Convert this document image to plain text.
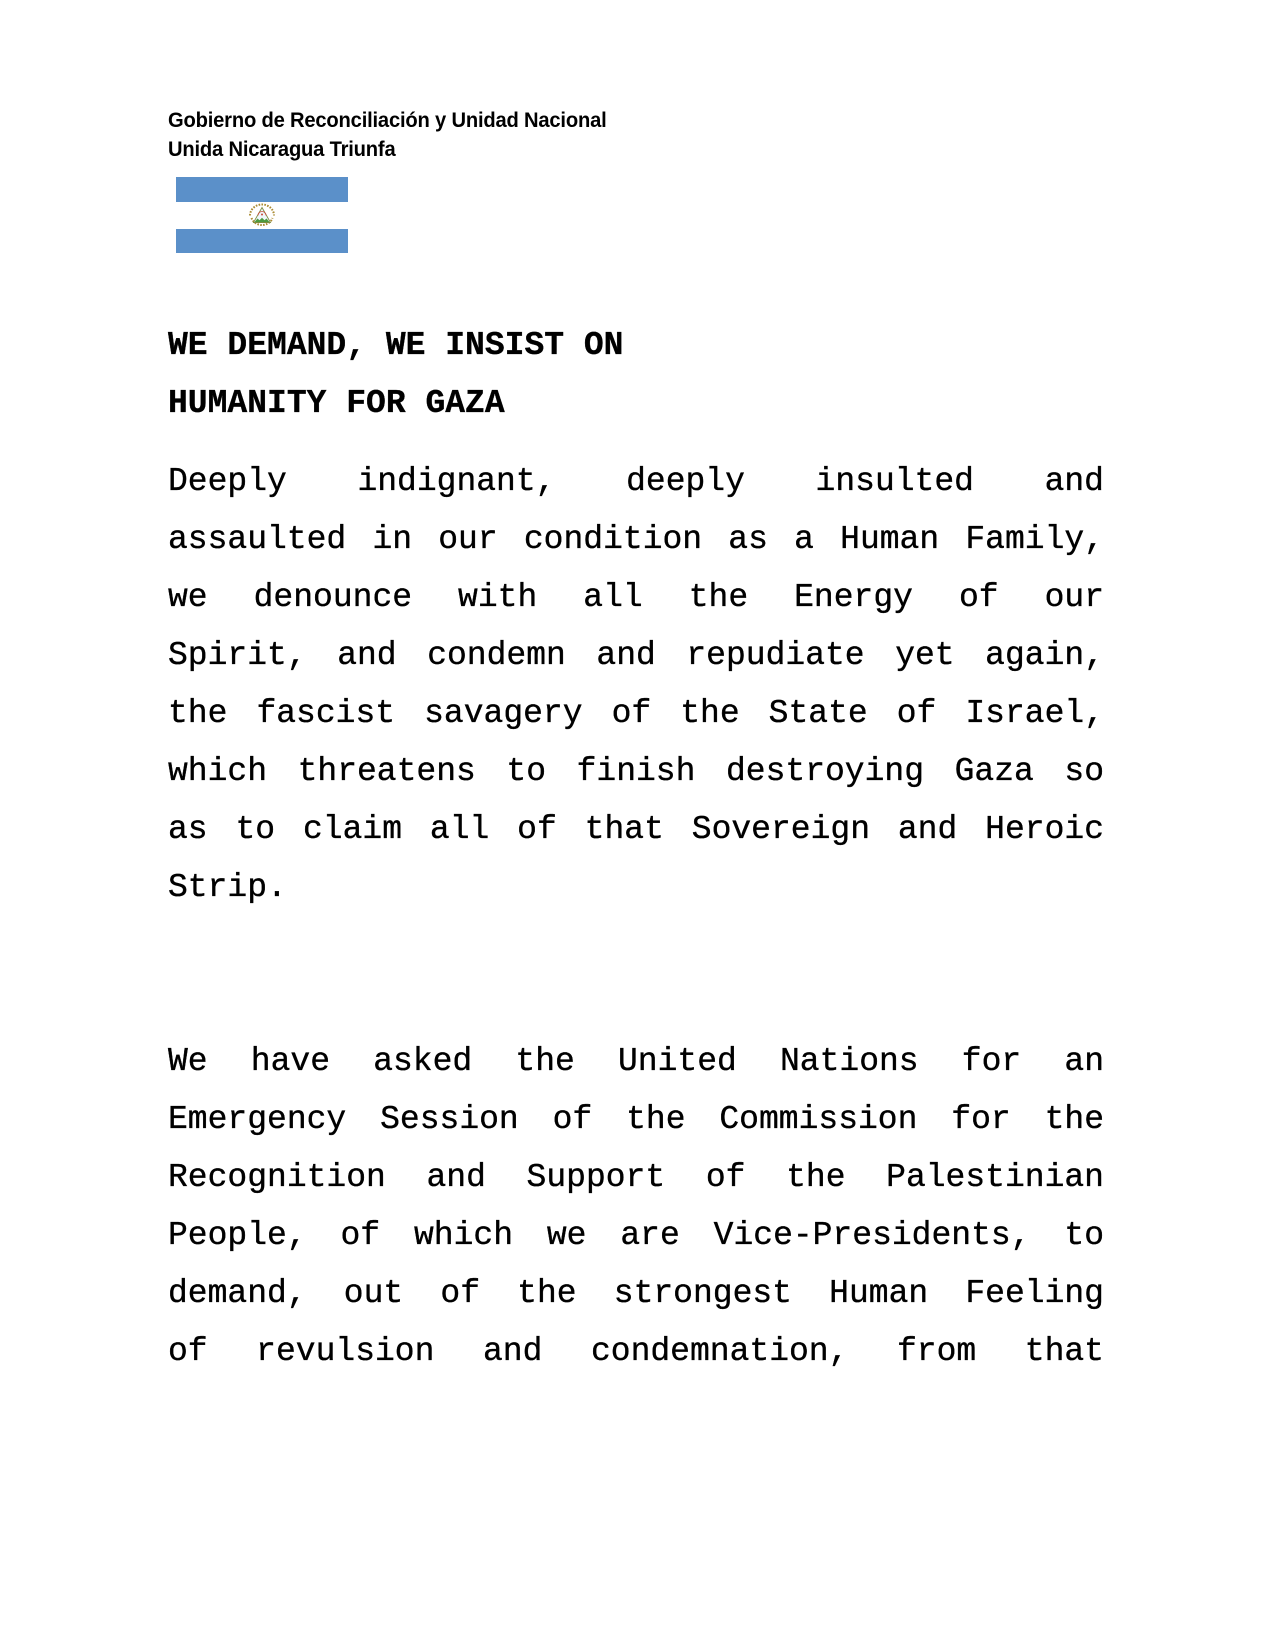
Gobierno de Reconciliación y Unidad Nacional
Unida Nicaragua Triunfa
WE DEMAND, WE INSIST ON
HUMANITY FOR GAZA
Deeply indignant, deeply insulted and
assaulted in our condition as a Human Family,
we denounce with all the Energy of our
Spirit, and condemn and repudiate yet again,
the fascist savagery of the State of Israel,
which threatens to finish destroying Gaza so
as to claim all of that Sovereign and Heroic
Strip.
We have asked the United Nations for an
Emergency Session of the Commission for the
Recognition and Support of the Palestinian
People, of which we are Vice-Presidents, to
demand, out of the strongest Human Feeling
of revulsion and condemnation, from that
